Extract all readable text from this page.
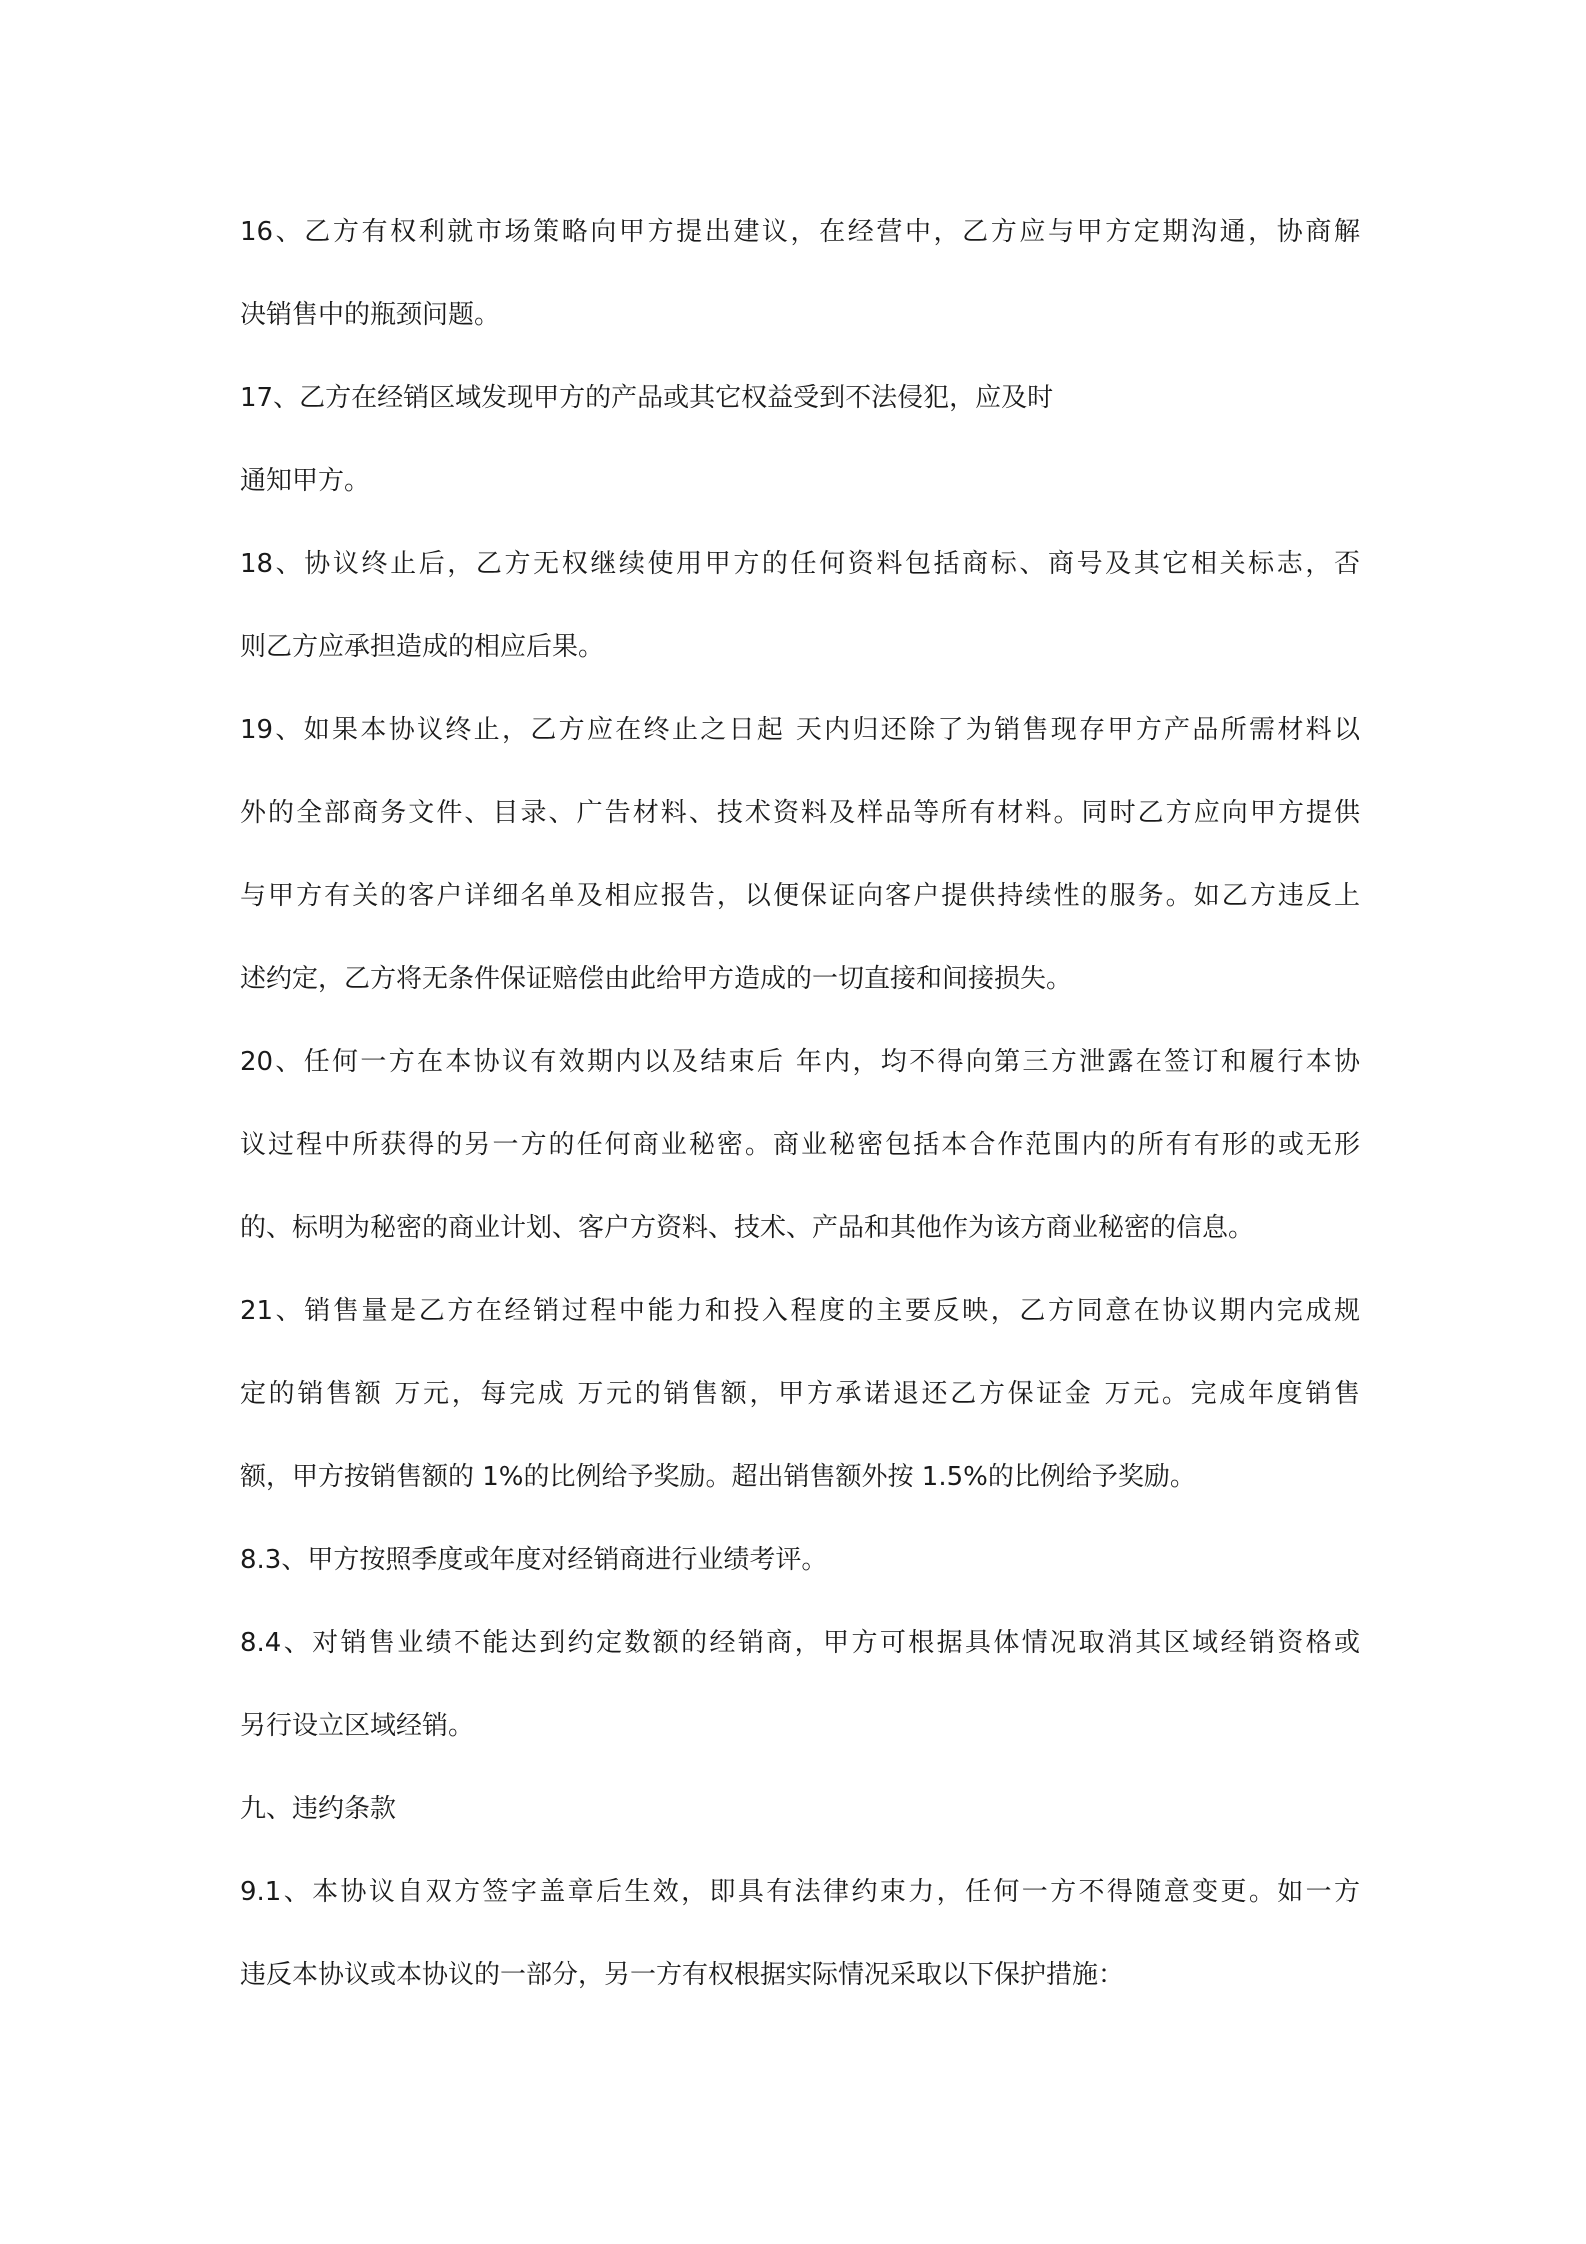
16、乙方有权利就市场策略向甲方提出建议，在经营中，乙方应与甲方定期沟通，协商解
决销售中的瓶颈问题。
17、乙方在经销区域发现甲方的产品或其它权益受到不法侵犯，应及时
通知甲方。
18、协议终止后，乙方无权继续使用甲方的任何资料包括商标、商号及其它相关标志，否
则乙方应承担造成的相应后果。
19、如果本协议终止，乙方应在终止之日起 天内归还除了为销售现存甲方产品所需材料以
外的全部商务文件、目录、广告材料、技术资料及样品等所有材料。同时乙方应向甲方提供
与甲方有关的客户详细名单及相应报告，以便保证向客户提供持续性的服务。如乙方违反上
述约定，乙方将无条件保证赔偿由此给甲方造成的一切直接和间接损失。
20、任何一方在本协议有效期内以及结束后 年内，均不得向第三方泄露在签订和履行本协
议过程中所获得的另一方的任何商业秘密。商业秘密包括本合作范围内的所有有形的或无形
的、标明为秘密的商业计划、客户方资料、技术、产品和其他作为该方商业秘密的信息。
21、销售量是乙方在经销过程中能力和投入程度的主要反映，乙方同意在协议期内完成规
定的销售额 万元，每完成 万元的销售额，甲方承诺退还乙方保证金 万元。完成年度销售
额，甲方按销售额的 1%的比例给予奖励。超出销售额外按 1.5%的比例给予奖励。
8.3、甲方按照季度或年度对经销商进行业绩考评。
8.4、对销售业绩不能达到约定数额的经销商，甲方可根据具体情况取消其区域经销资格或
另行设立区域经销。
九、违约条款
9.1、本协议自双方签字盖章后生效，即具有法律约束力，任何一方不得随意变更。如一方
违反本协议或本协议的一部分，另一方有权根据实际情况采取以下保护措施：
